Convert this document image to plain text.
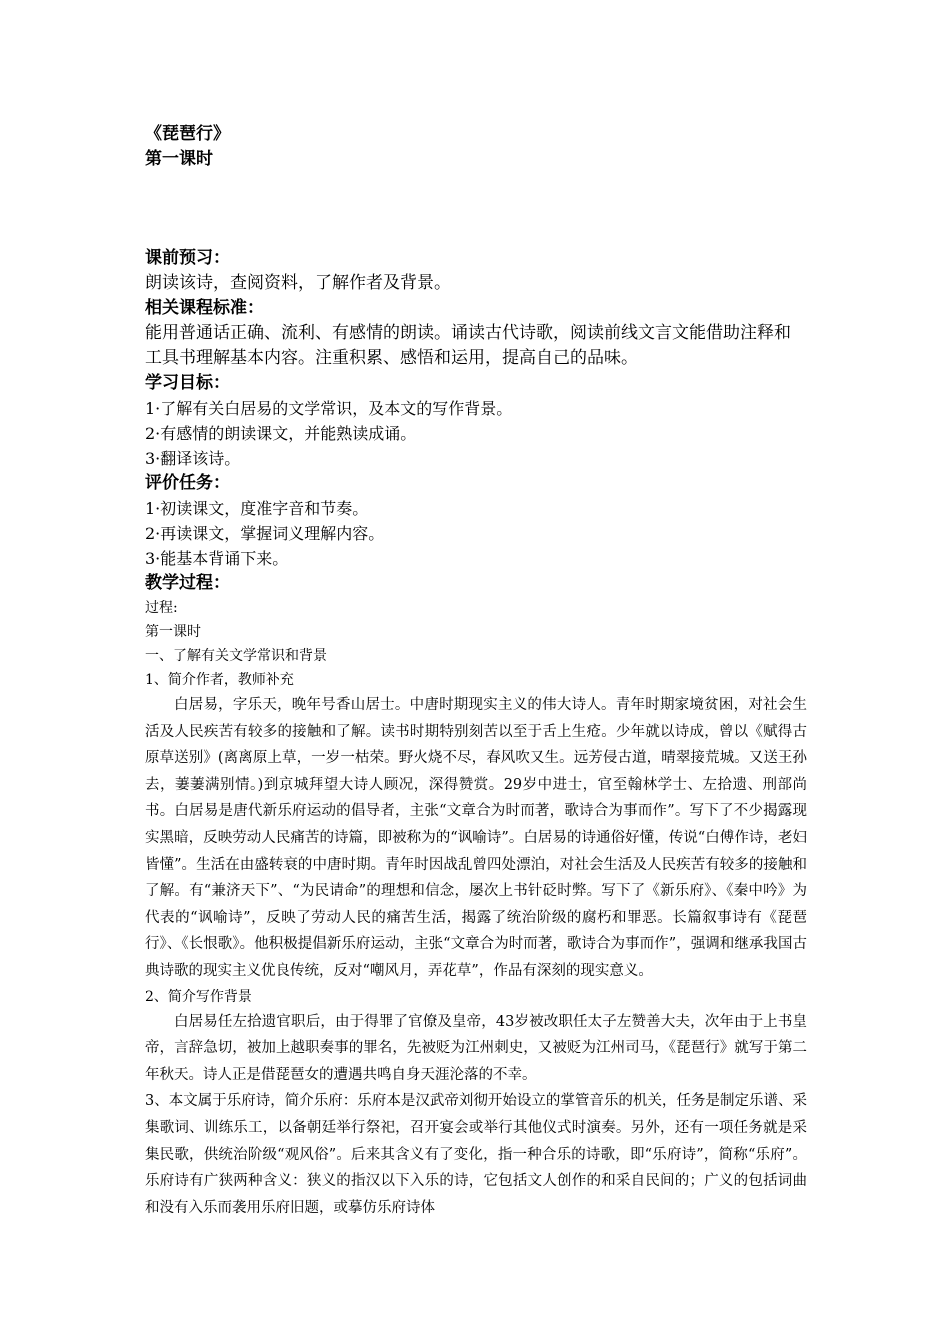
《琵琶行》
第一课时
课前预习：
朗读该诗，查阅资料，了解作者及背景。
相关课程标准：
能用普通话正确、流利、有感情的朗读。诵读古代诗歌，阅读前线文言文能借助注释和工具书理解基本内容。注重积累、感悟和运用，提高自己的品味。
学习目标：
1·了解有关白居易的文学常识，及本文的写作背景。
2·有感情的朗读课文，并能熟读成诵。
3·翻译该诗。
评价任务：
1·初读课文，度准字音和节奏。
2·再读课文，掌握词义理解内容。
3·能基本背诵下来。
教学过程：
过程:
第一课时
一、了解有关文学常识和背景
1、简介作者，教师补充
白居易，字乐天，晚年号香山居士。中唐时期现实主义的伟大诗人。青年时期家境贫困，对社会生活及人民疾苦有较多的接触和了解。读书时期特别刻苦以至于舌上生疮。少年就以诗成，曾以《赋得古原草送别》(离离原上草，一岁一枯荣。野火烧不尽，春风吹又生。远芳侵古道，晴翠接荒城。又送王孙去，萋萋满别情。)到京城拜望大诗人顾况，深得赞赏。29岁中进士，官至翰林学士、左拾遗、刑部尚书。白居易是唐代新乐府运动的倡导者，主张“文章合为时而著，歌诗合为事而作”。写下了不少揭露现实黑暗，反映劳动人民痛苦的诗篇，即被称为的“讽喻诗”。白居易的诗通俗好懂，传说“白傅作诗，老妇皆懂”。生活在由盛转衰的中唐时期。青年时因战乱曾四处漂泊，对社会生活及人民疾苦有较多的接触和了解。有“兼济天下”、“为民请命”的理想和信念，屡次上书针砭时弊。写下了《新乐府》、《秦中吟》为代表的“讽喻诗”，反映了劳动人民的痛苦生活，揭露了统治阶级的腐朽和罪恶。长篇叙事诗有《琵琶行》、《长恨歌》。他积极提倡新乐府运动，主张“文章合为时而著，歌诗合为事而作”，强调和继承我国古典诗歌的现实主义优良传统，反对“嘲风月，弄花草”，作品有深刻的现实意义。
2、简介写作背景
白居易任左拾遗官职后，由于得罪了官僚及皇帝，43岁被改职任太子左赞善大夫，次年由于上书皇帝，言辞急切，被加上越职奏事的罪名，先被贬为江州刺史，又被贬为江州司马，《琵琶行》就写于第二年秋天。诗人正是借琵琶女的遭遇共鸣自身天涯沦落的不幸。
3、本文属于乐府诗，简介乐府：乐府本是汉武帝刘彻开始设立的掌管音乐的机关，任务是制定乐谱、采集歌词、训练乐工，以备朝廷举行祭祀，召开宴会或举行其他仪式时演奏。另外，还有一项任务就是采集民歌，供统治阶级“观风俗”。后来其含义有了变化，指一种合乐的诗歌，即“乐府诗”，简称“乐府”。乐府诗有广狭两种含义：狭义的指汉以下入乐的诗，它包括文人创作的和采自民间的；广义的包括词曲和没有入乐而袭用乐府旧题，或摹仿乐府诗体
